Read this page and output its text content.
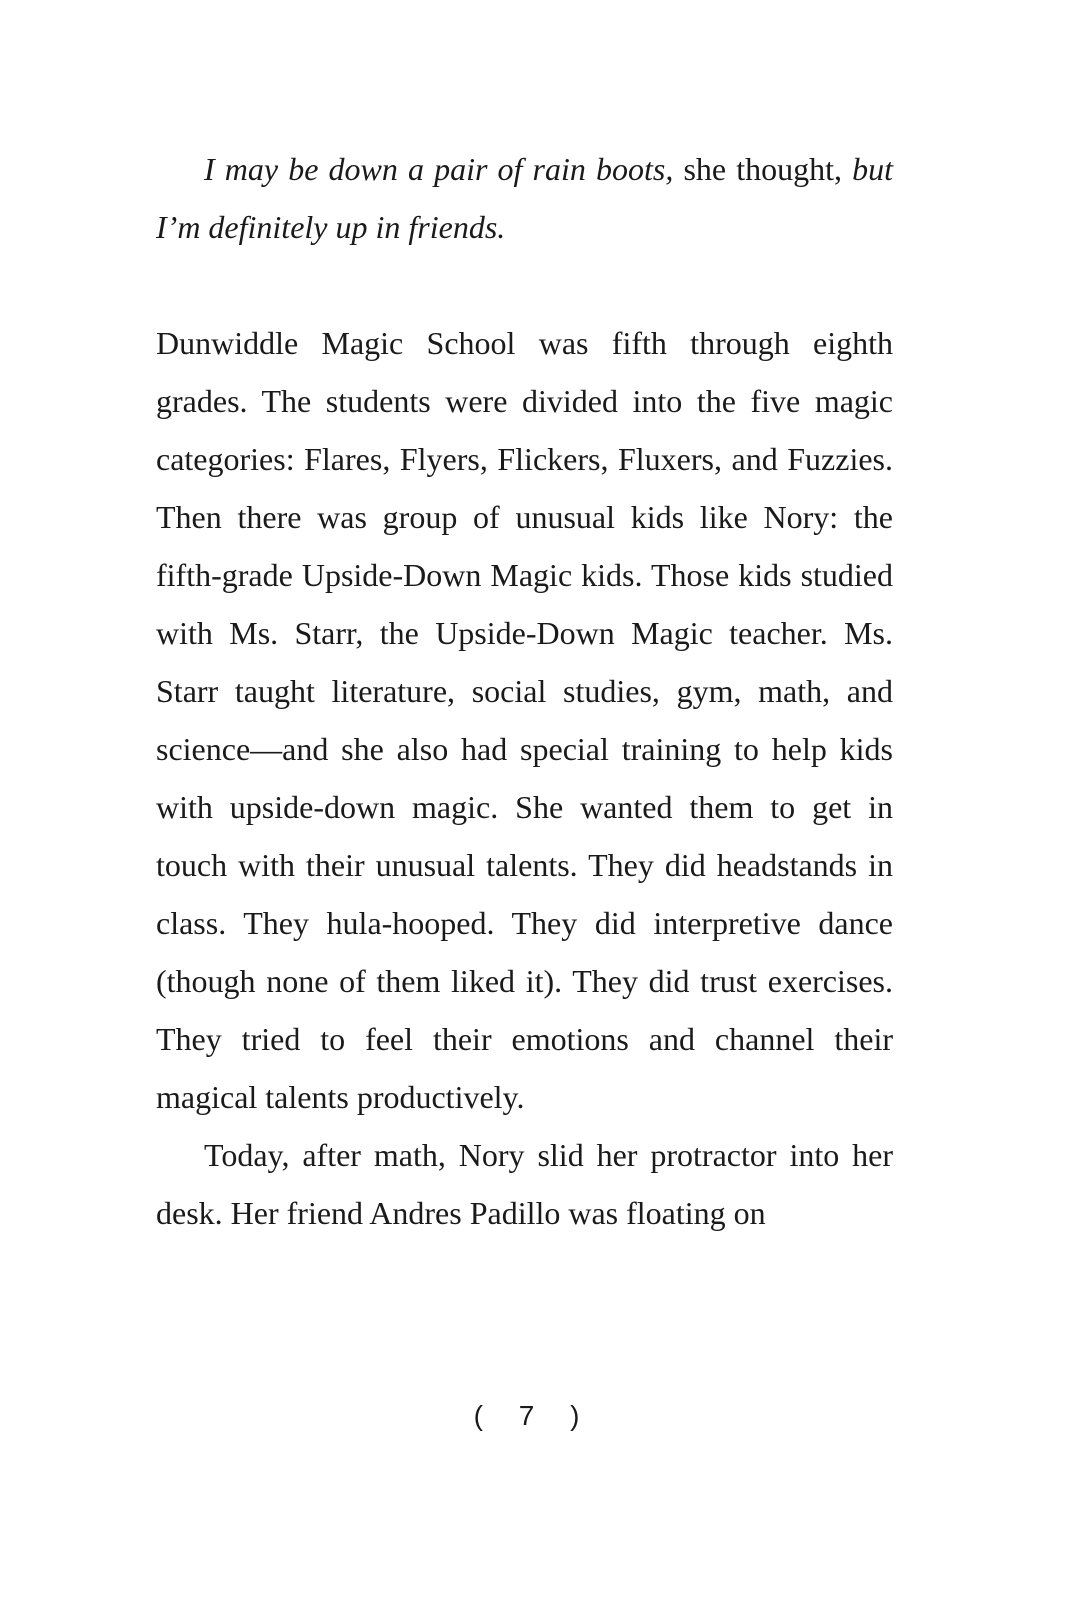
I may be down a pair of rain boots, she thought, but I’m definitely up in friends.

Dunwiddle Magic School was fifth through eighth grades. The students were divided into the five magic categories: Flares, Flyers, Flickers, Fluxers, and Fuzzies. Then there was group of unusual kids like Nory: the fifth-grade Upside-Down Magic kids. Those kids studied with Ms. Starr, the Upside-Down Magic teacher. Ms. Starr taught literature, social studies, gym, math, and science—and she also had special training to help kids with upside-down magic. She wanted them to get in touch with their unusual talents. They did headstands in class. They hula-hooped. They did interpretive dance (though none of them liked it). They did trust exercises. They tried to feel their emotions and channel their magical talents productively.

Today, after math, Nory slid her protractor into her desk. Her friend Andres Padillo was floating on

( 7 )
